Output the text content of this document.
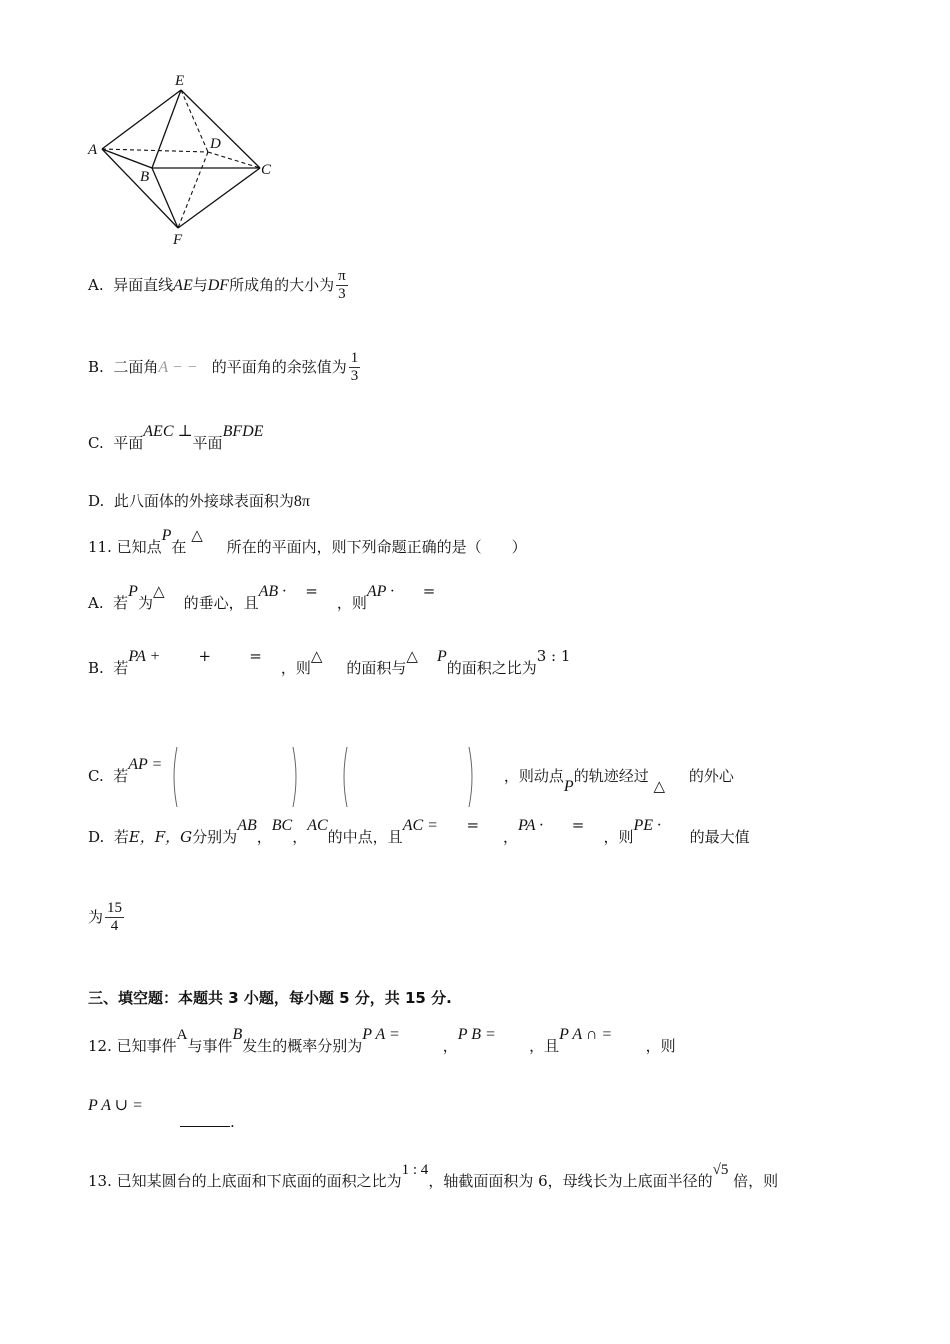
E
A	D
B	C
F
A. 异面直线AE与DF所成角的大小为 $\frac{\pi}{3}$
B. 二面角A − − 的平面角的余弦值为 $\frac{1}{3}$
C. 平面AEC ⊥平面BFDE
D. 此八面体的外接球表面积为8π
11. 已知点P在 △     所在的平面内，则下列命题正确的是（　　）
A. 若P为△    的垂心，且AB · =    ，则AP · =
B. 若PA +	+	=    ，则△     的面积与△ P的面积之比为3 : 1
C. 若AP =  ，则动点P的轨迹经过 △     的外心
D. 若E，F，G分别为AB，BC，AC的中点，且AC = =     ，PA · =    ，则PE ·      的最大值
为 $\frac{15}{4}$
三、填空题：本题共 3 小题，每小题 5 分，共 15 分.
12. 已知事件A与事件B发生的概率分别为P A =         ，P B =       ，且P A ∩ =       ，则
P A ∪ =
.
13. 已知某圆台的上底面和下底面的面积之比为1 : 4，轴截面面积为 6，母线长为上底面半径的√5 倍，则
